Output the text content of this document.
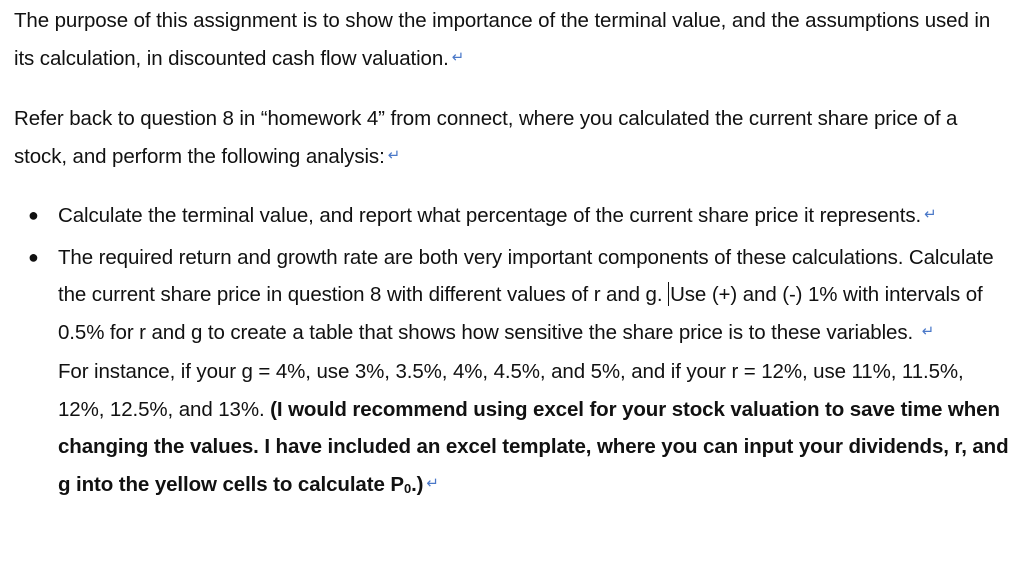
The purpose of this assignment is to show the importance of the terminal value, and the assumptions used in its calculation, in discounted cash flow valuation. ↵

Refer back to question 8 in “homework 4” from connect, where you calculated the current share price of a stock, and perform the following analysis: ↵

● Calculate the terminal value, and report what percentage of the current share price it represents. ↵
● The required return and growth rate are both very important components of these calculations. Calculate the current share price in question 8 with different values of r and g. Use (+) and (-) 1% with intervals of 0.5% for r and g to create a table that shows how sensitive the share price is to these variables. ↵
For instance, if your g = 4%, use 3%, 3.5%, 4%, 4.5%, and 5%, and if your r = 12%, use 11%, 11.5%, 12%, 12.5%, and 13%. (I would recommend using excel for your stock valuation to save time when changing the values. I have included an excel template, where you can input your dividends, r, and g into the yellow cells to calculate P0.) ↵
